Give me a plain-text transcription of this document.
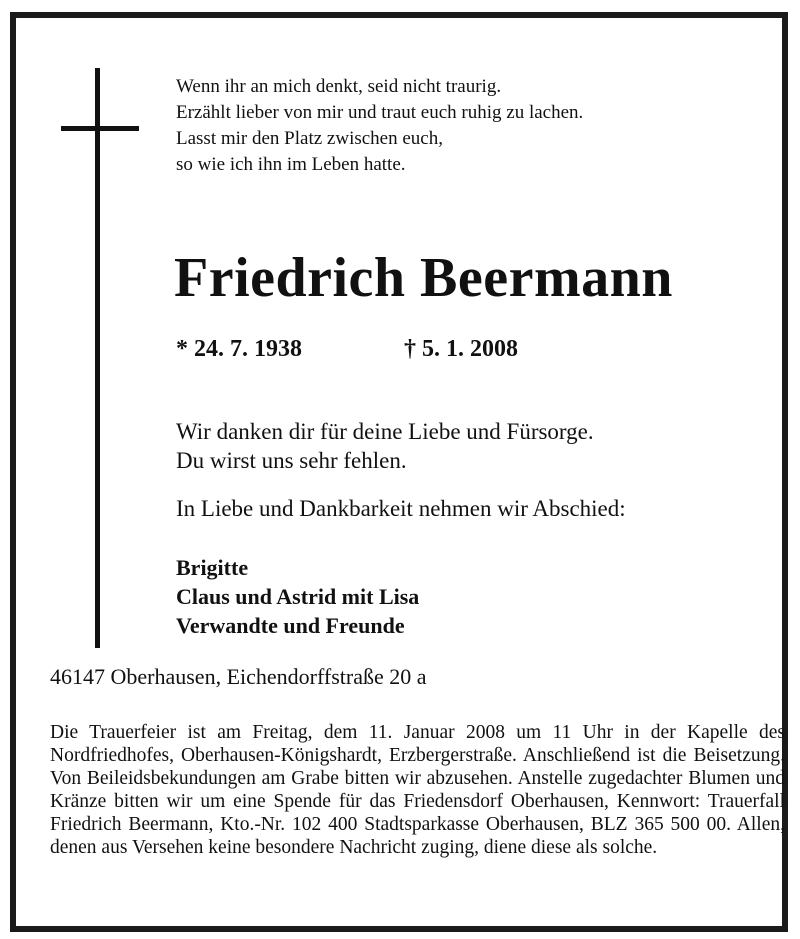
Wenn ihr an mich denkt, seid nicht traurig.
Erzählt lieber von mir und traut euch ruhig zu lachen.
Lasst mir den Platz zwischen euch,
so wie ich ihn im Leben hatte.
Friedrich Beermann
* 24. 7. 1938	† 5. 1. 2008
Wir danken dir für deine Liebe und Fürsorge.
Du wirst uns sehr fehlen.
In Liebe und Dankbarkeit nehmen wir Abschied:
Brigitte
Claus und Astrid mit Lisa
Verwandte und Freunde
46147 Oberhausen, Eichendorffstraße 20 a
Die Trauerfeier ist am Freitag, dem 11. Januar 2008 um 11 Uhr in der Kapelle des Nordfriedhofes, Oberhausen-Königshardt, Erzbergerstraße. Anschließend ist die Beisetzung. Von Beileidsbekundungen am Grabe bitten wir abzusehen. Anstelle zugedachter Blumen und Kränze bitten wir um eine Spende für das Friedensdorf Oberhausen, Kennwort: Trauerfall Friedrich Beermann, Kto.-Nr. 102 400 Stadtsparkasse Oberhausen, BLZ 365 500 00. Allen, denen aus Versehen keine besondere Nachricht zuging, diene diese als solche.
